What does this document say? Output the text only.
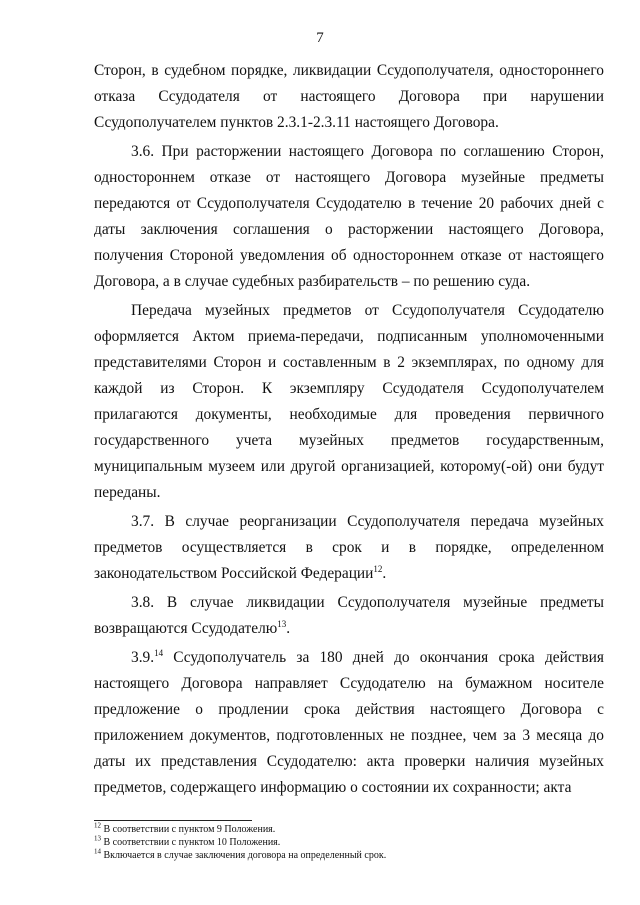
7

Сторон, в судебном порядке, ликвидации Ссудополучателя, одностороннего отказа Ссудодателя от настоящего Договора при нарушении Ссудополучателем пунктов 2.3.1-2.3.11 настоящего Договора.

3.6. При расторжении настоящего Договора по соглашению Сторон, одностороннем отказе от настоящего Договора музейные предметы передаются от Ссудополучателя Ссудодателю в течение 20 рабочих дней с даты заключения соглашения о расторжении настоящего Договора, получения Стороной уведомления об одностороннем отказе от настоящего Договора, а в случае судебных разбирательств – по решению суда.

Передача музейных предметов от Ссудополучателя Ссудодателю оформляется Актом приема-передачи, подписанным уполномоченными представителями Сторон и составленным в 2 экземплярах, по одному для каждой из Сторон. К экземпляру Ссудодателя Ссудополучателем прилагаются документы, необходимые для проведения первичного государственного учета музейных предметов государственным, муниципальным музеем или другой организацией, которому(-ой) они будут переданы.

3.7. В случае реорганизации Ссудополучателя передача музейных предметов осуществляется в срок и в порядке, определенном законодательством Российской Федерации$^{12}$.

3.8. В случае ликвидации Ссудополучателя музейные предметы возвращаются Ссудодателю$^{13}$.

3.9.14 Ссудополучатель за 180 дней до окончания срока действия настоящего Договора направляет Ссудодателю на бумажном носителе предложение о продлении срока действия настоящего Договора с приложением документов, подготовленных не позднее, чем за 3 месяца до даты их представления Ссудодателю: акта проверки наличия музейных предметов, содержащего информацию о состоянии их сохранности; акта

$^{12}$ В соответствии с пунктом 9 Положения.
$^{13}$ В соответствии с пунктом 10 Положения.
$^{14}$ Включается в случае заключения договора на определенный срок.
